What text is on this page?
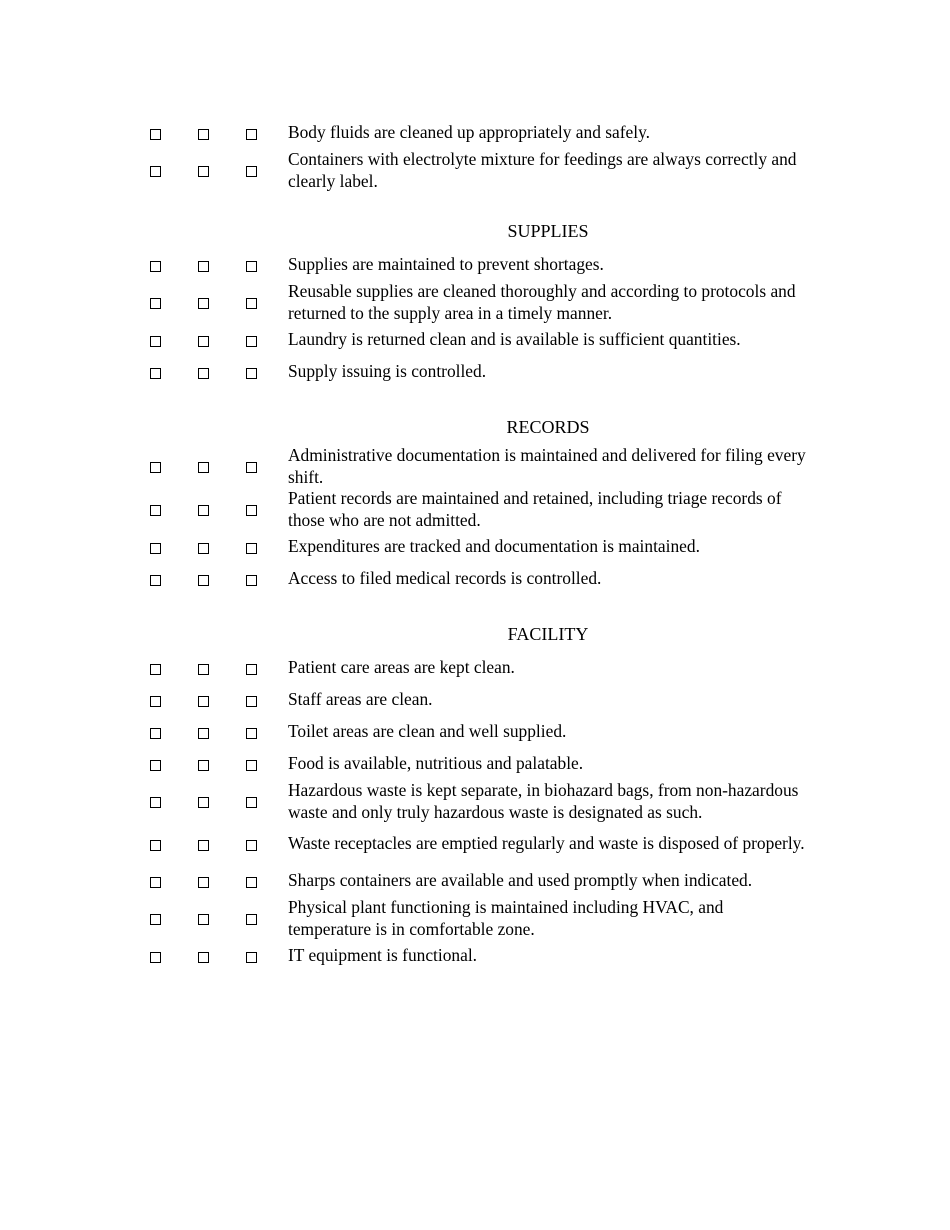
Body fluids are cleaned up appropriately and safely.
Containers with electrolyte mixture for feedings are always correctly and clearly label.
SUPPLIES
Supplies are maintained to prevent shortages.
Reusable supplies are cleaned thoroughly and according to protocols and returned to the supply area in a timely manner.
Laundry is returned clean and is available is sufficient quantities.
Supply issuing is controlled.
RECORDS
Administrative documentation is maintained and delivered for filing every shift.
Patient records are maintained and retained, including triage records of those who are not admitted.
Expenditures are tracked and documentation is maintained.
Access to filed medical records is controlled.
FACILITY
Patient care areas are kept clean.
Staff areas are clean.
Toilet areas are clean and well supplied.
Food is available, nutritious and palatable.
Hazardous waste is kept separate, in biohazard bags, from non-hazardous waste and only truly hazardous waste is designated as such.
Waste receptacles are emptied regularly and waste is disposed of properly.
Sharps containers are available and used promptly when indicated.
Physical plant functioning is maintained including HVAC, and temperature is in comfortable zone.
IT equipment is functional.
